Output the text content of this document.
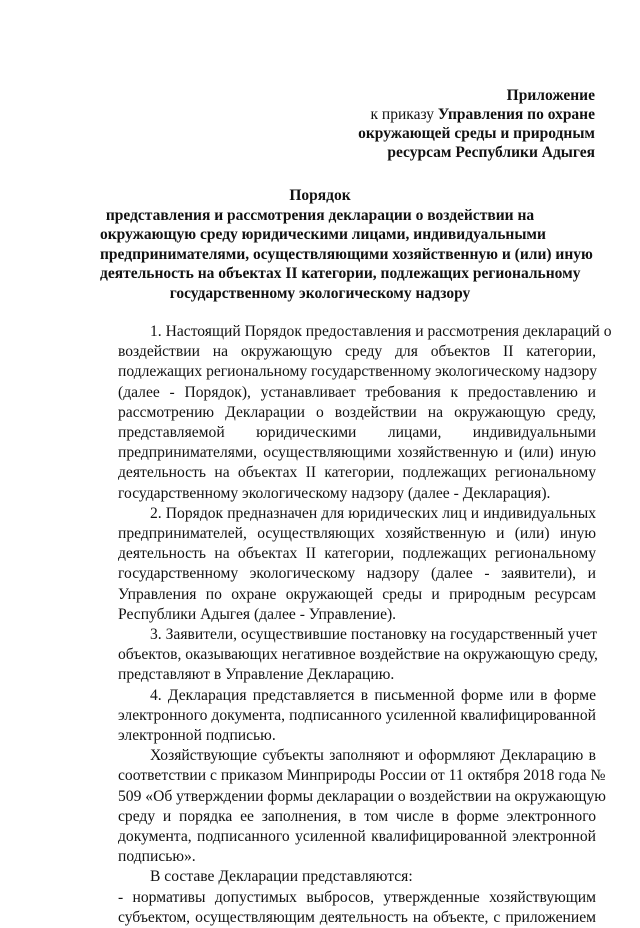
Приложение
к приказу Управления по охране
окружающей среды и природным
ресурсам Республики Адыгея
Порядок
представления и рассмотрения декларации о воздействии на
окружающую среду юридическими лицами, индивидуальными
предпринимателями, осуществляющими хозяйственную и (или) иную
деятельность на объектах II категории, подлежащих региональному
государственному экологическому надзору
1. Настоящий Порядок предоставления и рассмотрения деклараций о
воздействии на окружающую среду для объектов II категории,
подлежащих региональному государственному экологическому надзору
(далее - Порядок), устанавливает требования к предоставлению и
рассмотрению Декларации о воздействии на окружающую среду,
представляемой юридическими лицами, индивидуальными
предпринимателями, осуществляющими хозяйственную и (или) иную
деятельность на объектах II категории, подлежащих региональному
государственному экологическому надзору (далее - Декларация).
2. Порядок предназначен для юридических лиц и индивидуальных
предпринимателей, осуществляющих хозяйственную и (или) иную
деятельность на объектах II категории, подлежащих региональному
государственному экологическому надзору (далее - заявители), и
Управления по охране окружающей среды и природным ресурсам
Республики Адыгея (далее - Управление).
3. Заявители, осуществившие постановку на государственный учет
объектов, оказывающих негативное воздействие на окружающую среду,
представляют в Управление Декларацию.
4. Декларация представляется в письменной форме или в форме
электронного документа, подписанного усиленной квалифицированной
электронной подписью.
Хозяйствующие субъекты заполняют и оформляют Декларацию в
соответствии с приказом Минприроды России от 11 октября 2018 года №
509 «Об утверждении формы декларации о воздействии на окружающую
среду и порядка ее заполнения, в том числе в форме электронного
документа, подписанного усиленной квалифицированной электронной
подписью».
В составе Декларации представляются:
- нормативы допустимых выбросов, утвержденные хозяйствующим
субъектом, осуществляющим деятельность на объекте, с приложением
